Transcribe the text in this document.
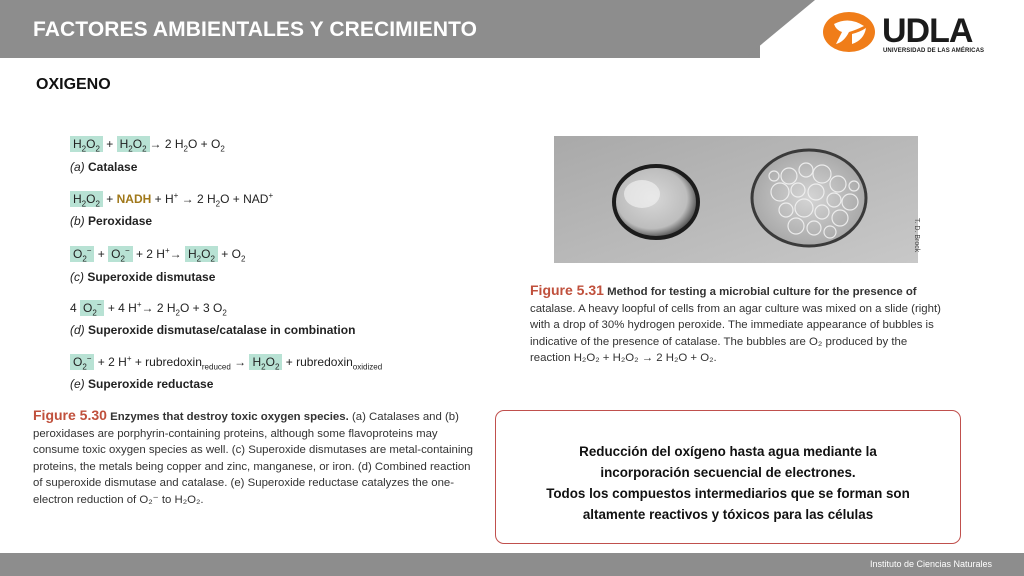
FACTORES AMBIENTALES Y CRECIMIENTO	UDLA
UNIVERSIDAD DE LAS AMÉRICAS
OXIGENO
$H_2O_2 + H_2O_2 \to 2$ $H_2O + O_2$
(a) Catalase
$H_2O_2$ + NADH + H+ → 2 $H_2O + NAD^+$
(b) Peroxidase
$O_2^- + O_2^- + 2$ $H^+\to H_2O_2 + O_2$
(c) Superoxide dismutase
4 $O_2^- + 4$ H+→ 2 $H_2O + 3$ $O_2$
(d) Superoxide dismutase/catalase in combination
$O_2^- + 2$ H+ + rubredoxin$_{reduced}$ → $H_2O_2$ + rubredoxin$_{oxidized}$
(e) Superoxide reductase
Figure 5.30 Enzymes that destroy toxic oxygen species. (a) Catalases and (b) peroxidases are porphyrin-containing proteins, although some flavoproteins may consume toxic oxygen species as well. (c) Superoxide dismutases are metal-containing proteins, the metals being copper and zinc, manganese, or iron. (d) Combined reaction of superoxide dismutase and catalase. (e) Superoxide reductase catalyzes the one-electron reduction of O₂⁻ to H₂O₂.
T. D. Brock
Figure 5.31 Method for testing a microbial culture for the presence of catalase. A heavy loopful of cells from an agar culture was mixed on a slide (right) with a drop of 30% hydrogen peroxide. The immediate appearance of bubbles is indicative of the presence of catalase. The bubbles are O₂ produced by the reaction H₂O₂ + H₂O₂ → 2 H₂O + O₂.
Reducción del oxígeno hasta agua mediante la
incorporación secuencial de electrones.
Todos los compuestos intermediarios que se forman son
altamente reactivos y tóxicos para las células
Instituto de Ciencias Naturales
